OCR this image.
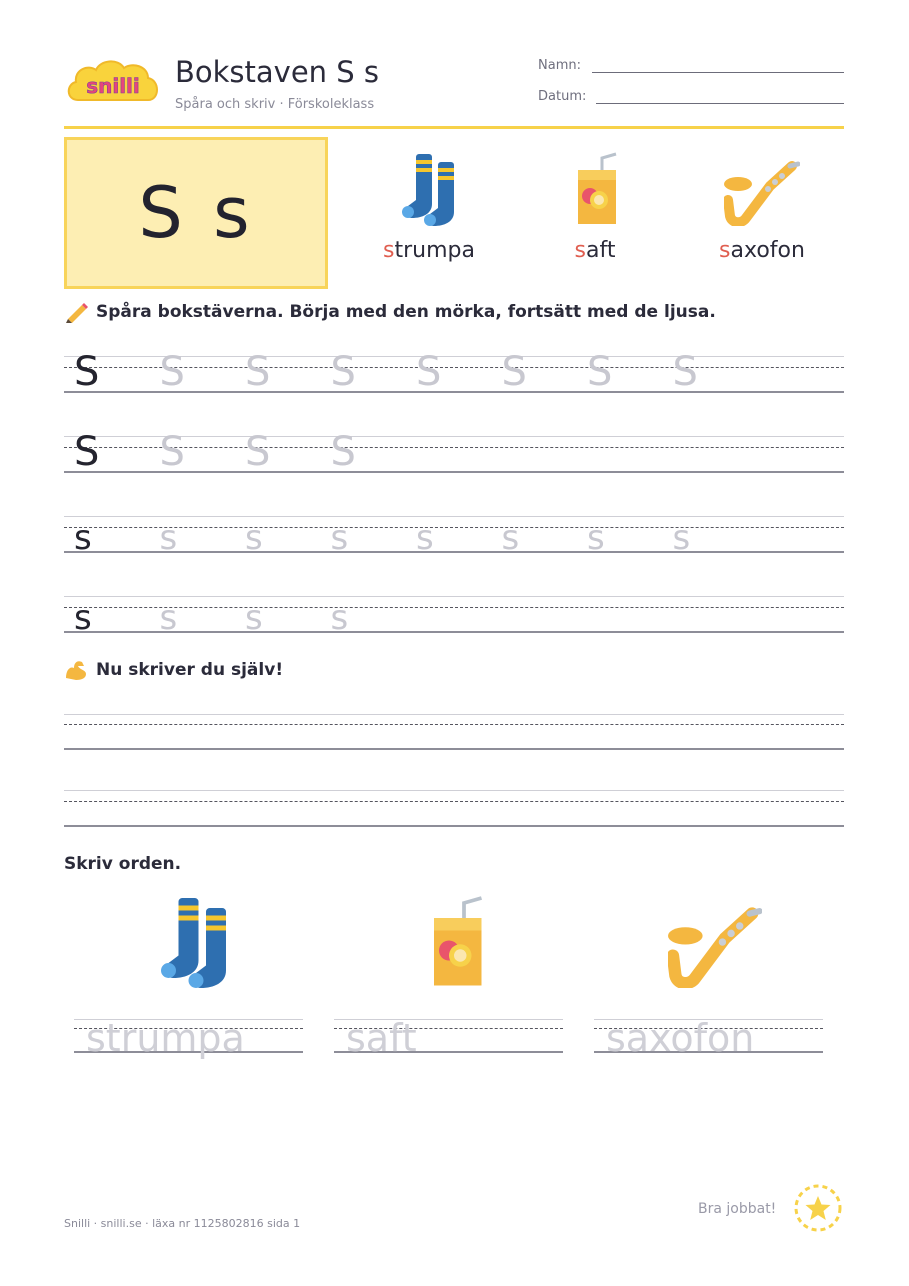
snilli Bokstaven S s
Spåra och skriv · Förskoleklass
Namn:
Datum:
S s	strumpa	saft	saxofon
Spåra bokstäverna. Börja med den mörka, fortsätt med de ljusa.
S S S S S S S S
S S S S
s s s s s s s s
s s s s
Nu skriver du själv!
Skriv orden.
strumpa	saft	saxofon
Snilli · snilli.se · läxa nr 1125802816 sida 1
Bra jobbat!
